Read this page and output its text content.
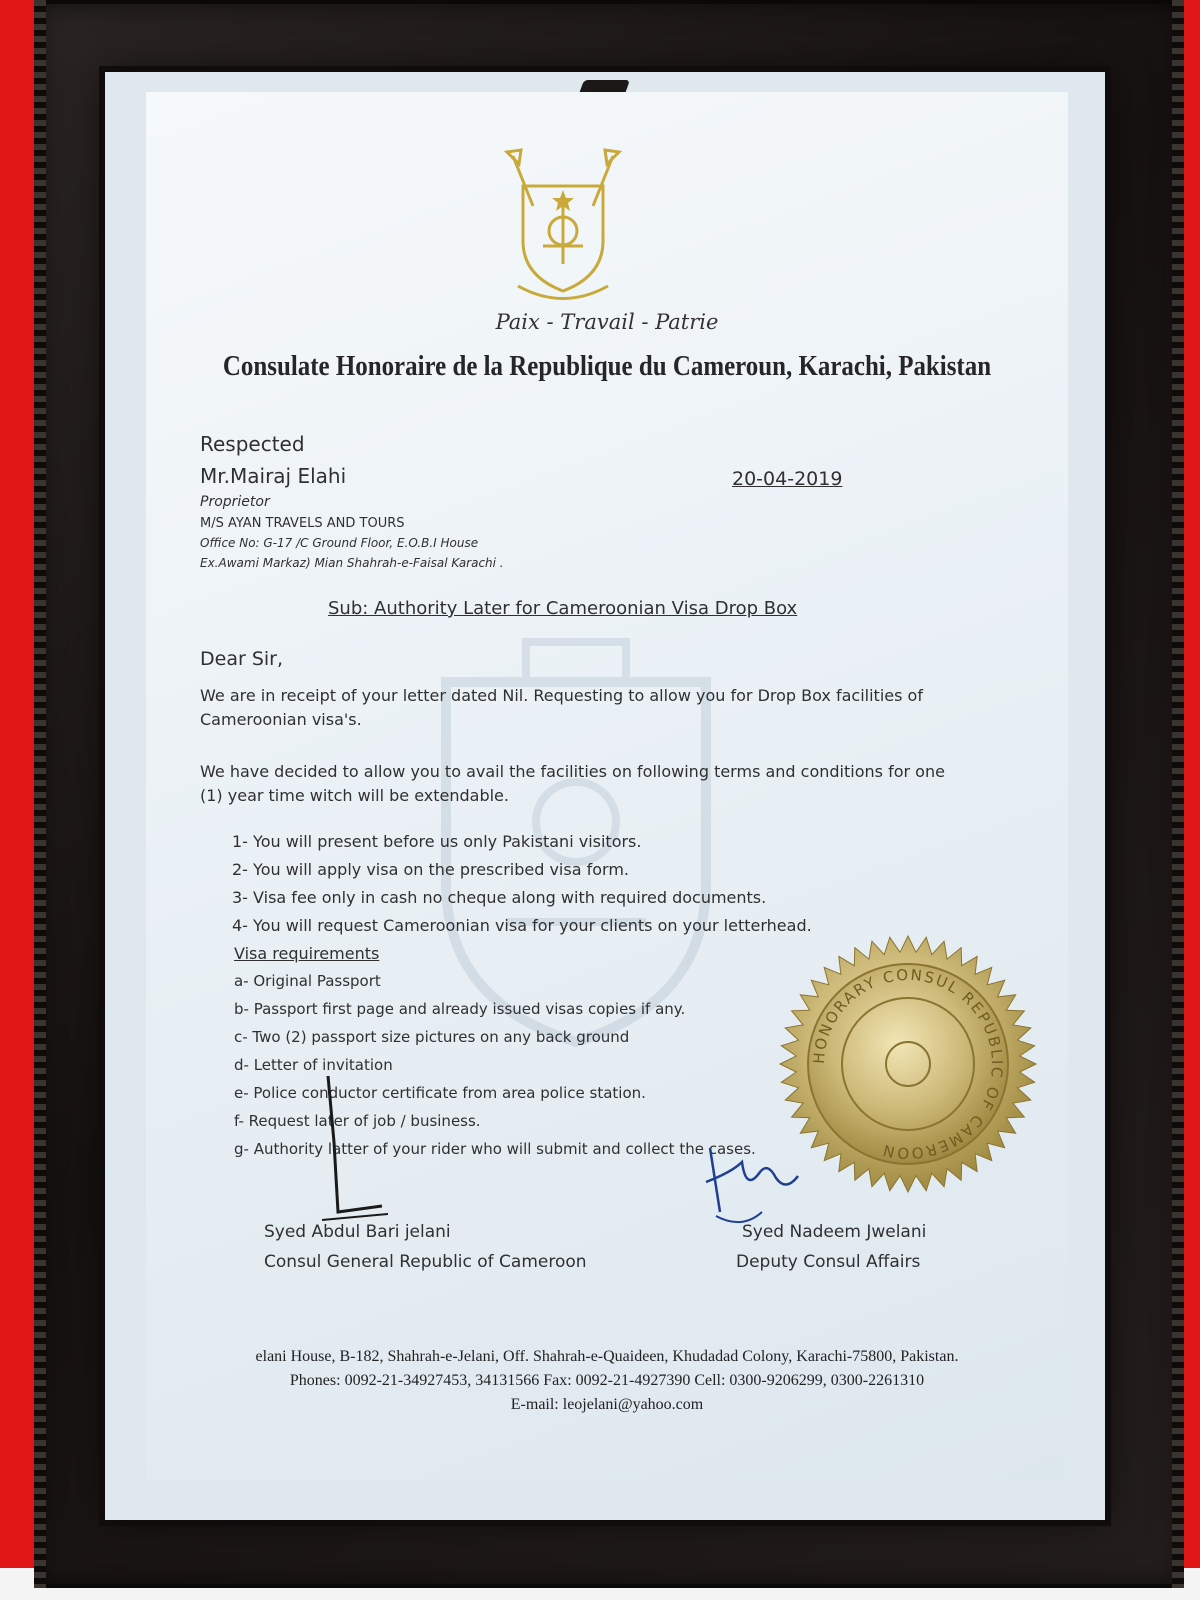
Paix - Travail - Patrie
Consulate Honoraire de la Republique du Cameroun, Karachi, Pakistan
Respected
Mr.Mairaj Elahi	20-04-2019
Proprietor
M/S AYAN TRAVELS AND TOURS
Office No: G-17 /C Ground Floor, E.O.B.I House
Ex.Awami Markaz) Mian Shahrah-e-Faisal Karachi .
Sub: Authority Later for Cameroonian Visa Drop Box
Dear Sir,
We are in receipt of your letter dated Nil. Requesting to allow you for Drop Box facilities of
Cameroonian visa's.
We have decided to allow you to avail the facilities on following terms and conditions for one
(1) year time witch will be extendable.
1- You will present before us only Pakistani visitors.
2- You will apply visa on the prescribed visa form.
3- Visa fee only in cash no cheque along with required documents.
4- You will request Cameroonian visa for your clients on your letterhead.
Visa requirements
a- Original Passport
b- Passport first page and already issued visas copies if any.
c- Two (2) passport size pictures on any back ground
d- Letter of invitation
e- Police conductor certificate from area police station.
f- Request later of job / business.
g- Authority latter of your rider who will submit and collect the cases.
HONORARY CONSUL REPUBLIC OF CAMEROON
Syed Abdul Bari jelani
Consul General Republic of Cameroon
Syed Nadeem Jwelani
Deputy Consul Affairs
elani House, B-182, Shahrah-e-Jelani, Off. Shahrah-e-Quaideen, Khudadad Colony, Karachi-75800, Pakistan.
Phones: 0092-21-34927453, 34131566 Fax: 0092-21-4927390 Cell: 0300-9206299, 0300-2261310
E-mail: leojelani@yahoo.com
